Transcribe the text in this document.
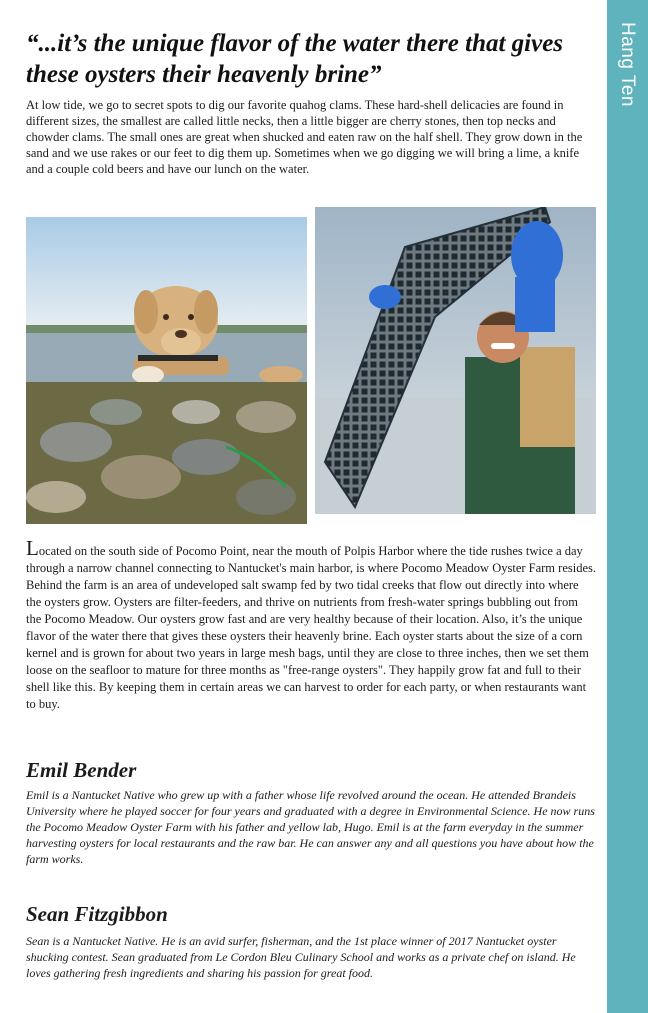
Hang Ten
“...it’s the unique flavor of the water there that gives these oysters their heavenly brine”

At low tide, we go to secret spots to dig our favorite quahog clams. These hard-shell delicacies are found in different sizes, the smallest are called little necks, then a little bigger are cherry stones, then top necks and chowder clams. The small ones are great when shucked and eaten raw on the half shell. They grow down in the sand and we use rakes or our feet to dig them up. Sometimes when we go digging we will bring a lime, a knife and a couple cold beers and have our lunch on the water.

Located on the south side of Pocomo Point, near the mouth of Polpis Harbor where the tide rushes twice a day through a narrow channel connecting to Nantucket's main harbor, is where Pocomo Meadow Oyster Farm resides. Behind the farm is an area of undeveloped salt swamp fed by two tidal creeks that flow out directly into where the oysters grow. Oysters are filter-feeders, and thrive on nutrients from fresh-water springs bubbling out from the Pocomo Meadow. Our oysters grow fast and are very healthy because of their location. Also, it’s the unique flavor of the water there that gives these oysters their heavenly brine. Each oyster starts about the size of a corn kernel and is grown for about two years in large mesh bags, until they are close to three inches, then we set them loose on the seafloor to mature for three months as "free-range oysters". They happily grow fat and full to their shell like this. By keeping them in certain areas we can harvest to order for each party, or when restaurants want to buy.

Emil Bender

Emil is a Nantucket Native who grew up with a father whose life revolved around the ocean. He attended Brandeis University where he played soccer for four years and graduated with a degree in Environmental Science. He now runs the Pocomo Meadow Oyster Farm with his father and yellow lab, Hugo. Emil is at the farm everyday in the summer harvesting oysters for local restaurants and the raw bar. He can answer any and all questions you have about how the farm works.

Sean Fitzgibbon

Sean is a Nantucket Native. He is an avid surfer, fisherman, and the 1st place winner of 2017 Nantucket oyster shucking contest. Sean graduated from Le Cordon Bleu Culinary School and works as a private chef on island. He loves gathering fresh ingredients and sharing his passion for great food.
